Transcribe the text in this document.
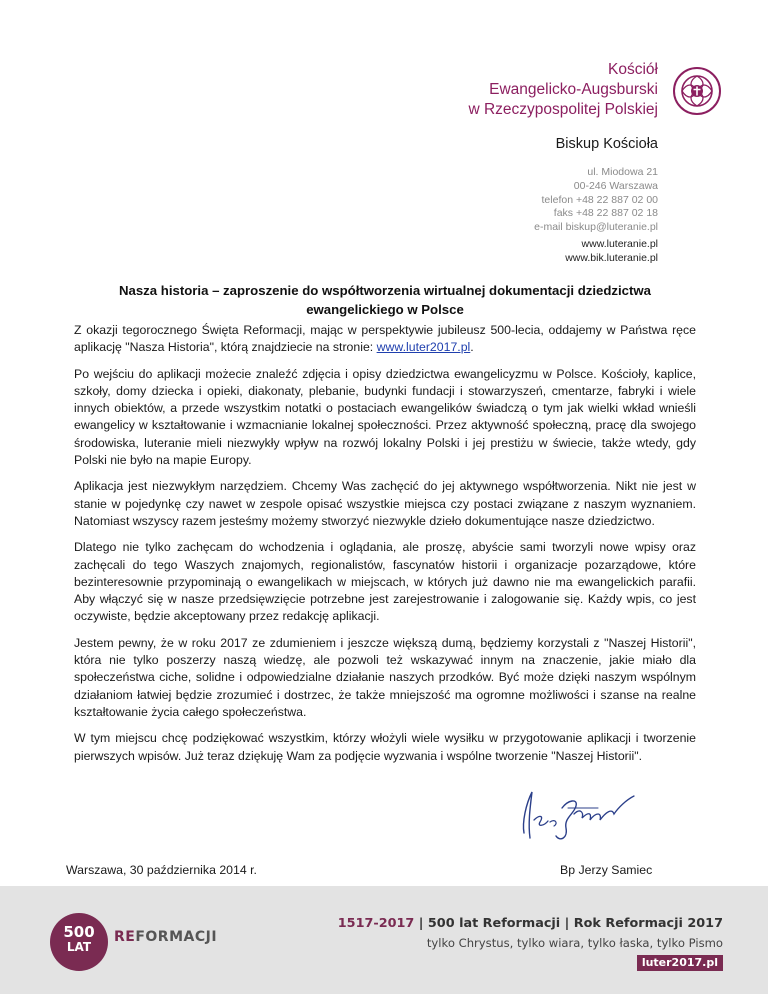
Kościół
Ewangelicko-Augsburski
w Rzeczypospolitej Polskiej
Biskup Kościoła
ul. Miodowa 21
00-246 Warszawa
telefon +48 22 887 02 00
faks +48 22 887 02 18
e-mail biskup@luteranie.pl
www.luteranie.pl
www.bik.luteranie.pl
Nasza historia – zaproszenie do współtworzenia wirtualnej dokumentacji dziedzictwa
ewangelickiego w Polsce

Z okazji tegorocznego Święta Reformacji, mając w perspektywie jubileusz 500-lecia, oddajemy w Państwa ręce aplikację "Nasza Historia", którą znajdziecie na stronie: www.luter2017.pl.

Po wejściu do aplikacji możecie znaleźć zdjęcia i opisy dziedzictwa ewangelicyzmu w Polsce. Kościoły, kaplice, szkoły, domy dziecka i opieki, diakonaty, plebanie, budynki fundacji i stowarzyszeń, cmentarze, fabryki i wiele innych obiektów, a przede wszystkim notatki o postaciach ewangelików świadczą o tym jak wielki wkład wnieśli ewangelicy w kształtowanie i wzmacnianie lokalnej społeczności. Przez aktywność społeczną, pracę dla swojego środowiska, luteranie mieli niezwykły wpływ na rozwój lokalny Polski i jej prestiżu w świecie, także wtedy, gdy Polski nie było na mapie Europy.

Aplikacja jest niezwykłym narzędziem. Chcemy Was zachęcić do jej aktywnego współtworzenia. Nikt nie jest w stanie w pojedynkę czy nawet w zespole opisać wszystkie miejsca czy postaci związane z naszym wyznaniem. Natomiast wszyscy razem jesteśmy możemy stworzyć niezwykle dzieło dokumentujące nasze dziedzictwo.

Dlatego nie tylko zachęcam do wchodzenia i oglądania, ale proszę, abyście sami tworzyli nowe wpisy oraz zachęcali do tego Waszych znajomych, regionalistów, fascynatów historii i organizacje pozarządowe, które bezinteresownie przypominają o ewangelikach w miejscach, w których już dawno nie ma ewangelickich parafii. Aby włączyć się w nasze przedsięwzięcie potrzebne jest zarejestrowanie i zalogowanie się. Każdy wpis, co jest oczywiste, będzie akceptowany przez redakcję aplikacji.

Jestem pewny, że w roku 2017 ze zdumieniem i jeszcze większą dumą, będziemy korzystali z "Naszej Historii", która nie tylko poszerzy naszą wiedzę, ale pozwoli też wskazywać innym na znaczenie, jakie miało dla społeczeństwa ciche, solidne i odpowiedzialne działanie naszych przodków. Być może dzięki naszym wspólnym działaniom łatwiej będzie zrozumieć i dostrzec, że także mniejszość ma ogromne możliwości i szanse na realne kształtowanie życia całego społeczeństwa.

W tym miejscu chcę podziękować wszystkim, którzy włożyli wiele wysiłku w przygotowanie aplikacji i tworzenie pierwszych wpisów. Już teraz dziękuję Wam za podjęcie wyzwania i wspólne tworzenie "Naszej Historii".

Warszawa, 30 października 2014 r.	Bp Jerzy Samiec
500
LAT
REFORMACJI
1517-2017 | 500 lat Reformacji | Rok Reformacji 2017
tylko Chrystus, tylko wiara, tylko łaska, tylko Pismo
luter2017.pl
